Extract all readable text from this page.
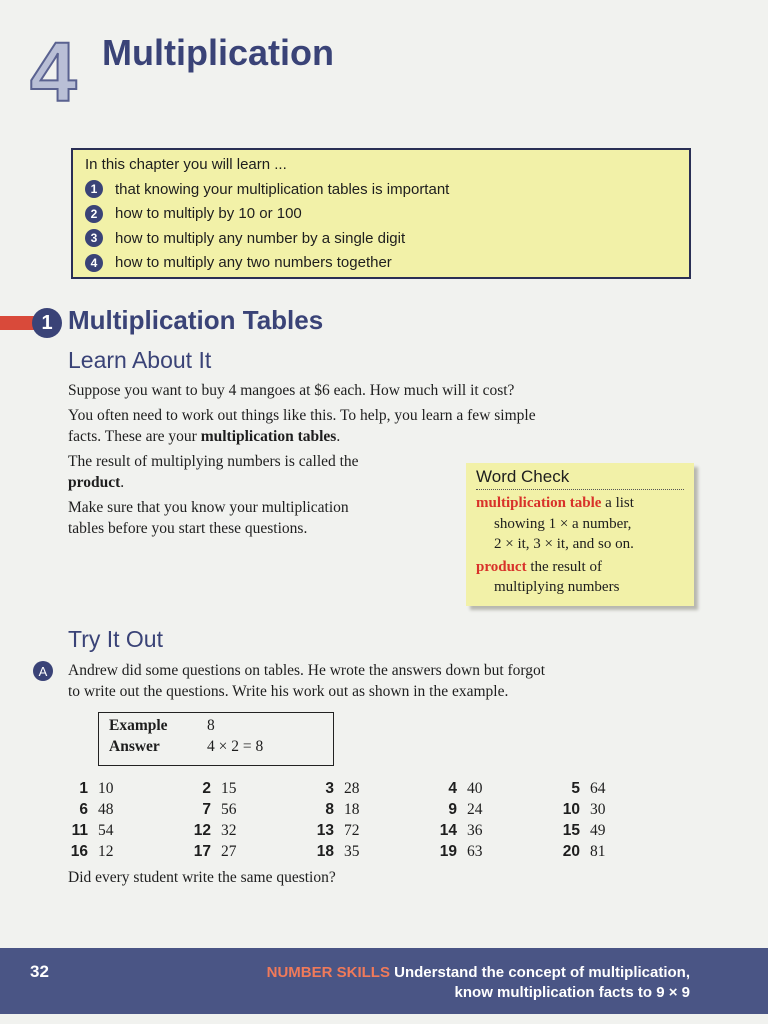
4 Multiplication
In this chapter you will learn ...
1	that knowing your multiplication tables is important
2	how to multiply by 10 or 100
3	how to multiply any number by a single digit
4	how to multiply any two numbers together
1 Multiplication Tables
Learn About It
Suppose you want to buy 4 mangoes at $6 each. How much will it cost?
You often need to work out things like this. To help, you learn a few simple
facts. These are your multiplication tables.
The result of multiplying numbers is called the
product.
Make sure that you know your multiplication
tables before you start these questions.
Word Check

multiplication table a list

showing 1 × a number,

2 × it, 3 × it, and so on.

product the result of

multiplying numbers

Try It Out
A	Andrew did some questions on tables. He wrote the answers down but forgot
to write out the questions. Write his work out as shown in the example.
Example	8
Answer	4 × 2 = 8
1 10	2 15	3 28	4 40	5 64
6 48	7 56	8 18	9 24	10 30
11 54	12 32	13 72	14 36	15 49
16 12	17 27	18 35	19 63	20 81
Did every student write the same question?
32	NUMBER SKILLS Understand the concept of multiplication,
know multiplication facts to 9 × 9
